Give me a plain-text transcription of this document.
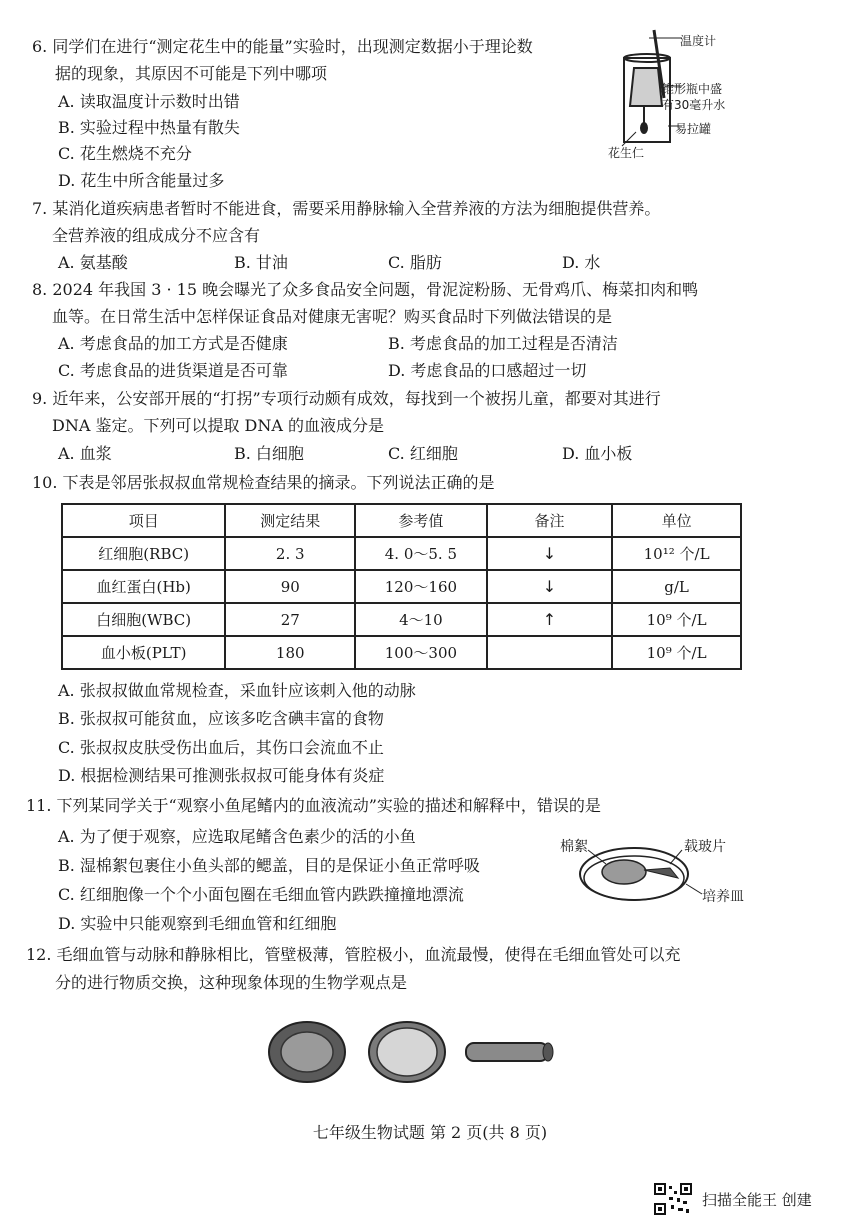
6. 同学们在进行“测定花生中的能量”实验时，出现测定数据小于理论数
据的现象，其原因不可能是下列中哪项
A. 读取温度计示数时出错
B. 实验过程中热量有散失
C. 花生燃烧不充分
D. 花生中所含能量过多
温度计
锥形瓶中盛
有30毫升水
易拉罐
花生仁
7. 某消化道疾病患者暂时不能进食，需要采用静脉输入全营养液的方法为细胞提供营养。
全营养液的组成成分不应含有
A. 氨基酸	B. 甘油	C. 脂肪	D. 水
8. 2024 年我国 3 · 15 晚会曝光了众多食品安全问题，骨泥淀粉肠、无骨鸡爪、梅菜扣肉和鸭
血等。在日常生活中怎样保证食品对健康无害呢？购买食品时下列做法错误的是
A. 考虑食品的加工方式是否健康	B. 考虑食品的加工过程是否清洁
C. 考虑食品的进货渠道是否可靠	D. 考虑食品的口感超过一切
9. 近年来，公安部开展的“打拐”专项行动颇有成效，每找到一个被拐儿童，都要对其进行
DNA 鉴定。下列可以提取 DNA 的血液成分是
A. 血浆	B. 白细胞	C. 红细胞	D. 血小板
10. 下表是邻居张叔叔血常规检查结果的摘录。下列说法正确的是
项目	测定结果	参考值	备注	单位
红细胞(RBC)	2. 3	4. 0～5. 5	↓	10¹² 个/L
血红蛋白(Hb)	90	120～160	↓	g/L
白细胞(WBC)	27	4～10	↑	10⁹ 个/L
血小板(PLT)	180	100～300		10⁹ 个/L
A. 张叔叔做血常规检查，采血针应该刺入他的动脉
B. 张叔叔可能贫血，应该多吃含碘丰富的食物
C. 张叔叔皮肤受伤出血后，其伤口会流血不止
D. 根据检测结果可推测张叔叔可能身体有炎症
11. 下列某同学关于“观察小鱼尾鳍内的血液流动”实验的描述和解释中，错误的是
A. 为了便于观察，应选取尾鳍含色素少的活的小鱼
B. 湿棉絮包裹住小鱼头部的鳃盖，目的是保证小鱼正常呼吸
C. 红细胞像一个个小面包圈在毛细血管内跌跌撞撞地漂流
D. 实验中只能观察到毛细血管和红细胞
棉絮	载玻片
培养皿
12. 毛细血管与动脉和静脉相比，管壁极薄，管腔极小，血流最慢，使得在毛细血管处可以充
分的进行物质交换，这种现象体现的生物学观点是
七年级生物试题 第 2 页(共 8 页)
扫描全能王 创建
